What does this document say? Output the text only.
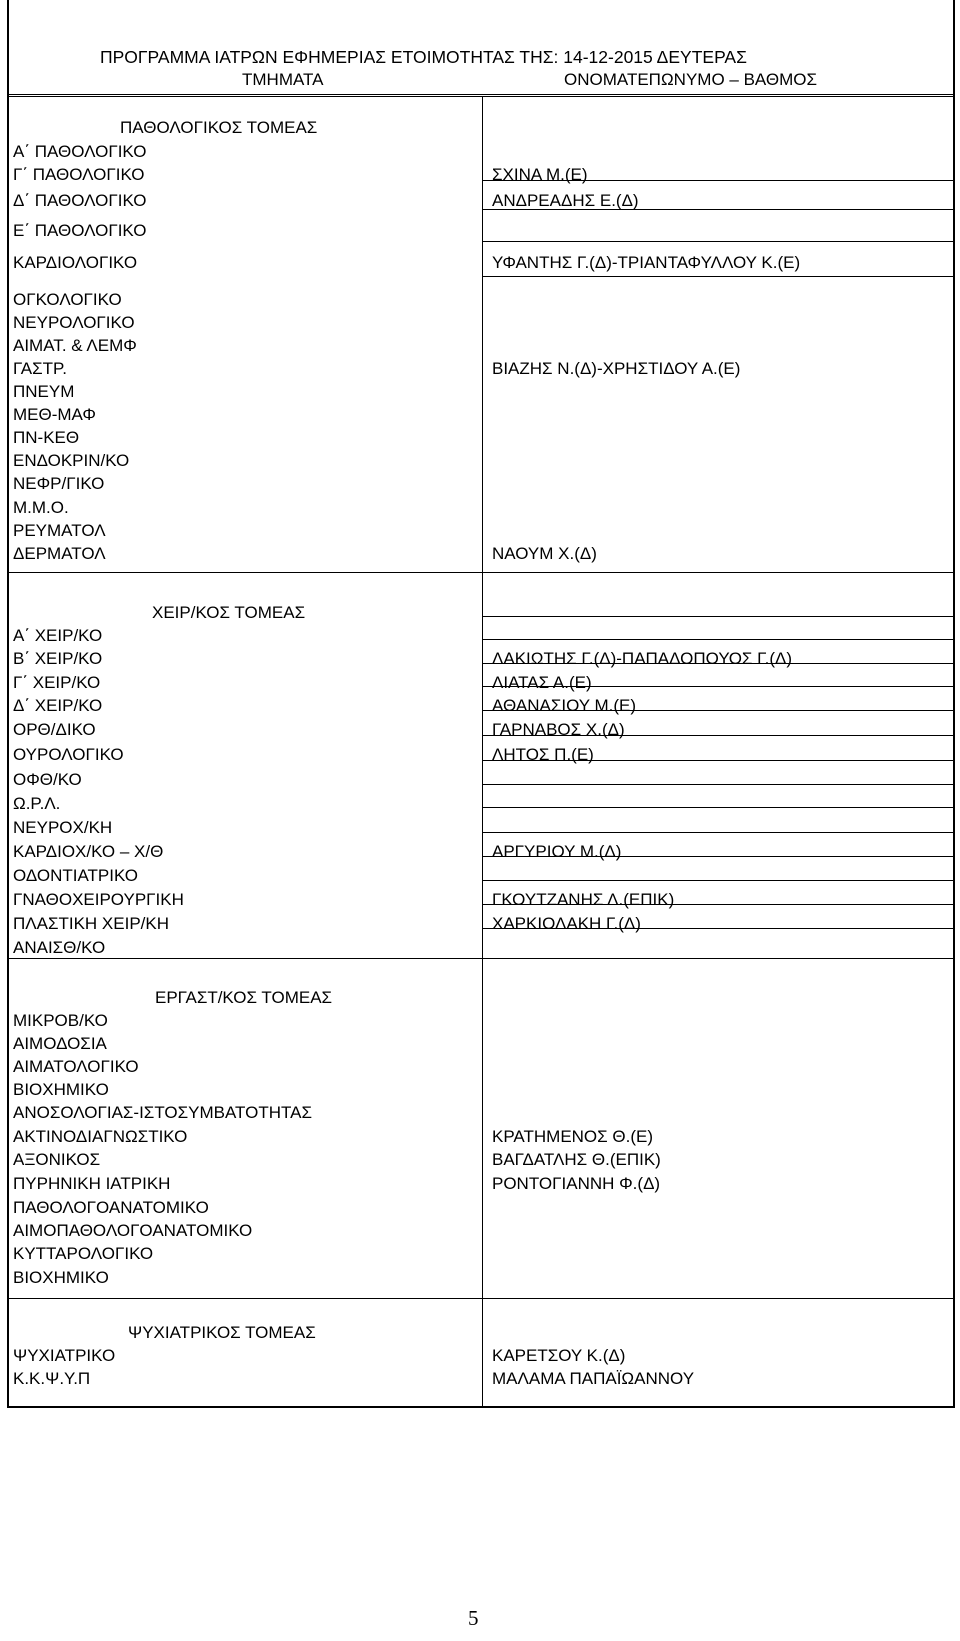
ΠΡΟΓΡΑΜΜΑ ΙΑΤΡΩΝ ΕΦΗΜΕΡΙΑΣ ΕΤΟΙΜΟΤΗΤΑΣ ΤΗΣ: 14-12-2015 ΔΕΥΤΕΡΑΣ
ΤΜΗΜΑΤΑ	ΟΝΟΜΑΤΕΠΩΝΥΜΟ – ΒΑΘΜΟΣ
5
ΠΑΘΟΛΟΓΙΚΟΣ ΤΟΜΕΑΣ
Α΄ ΠΑΘΟΛΟΓΙΚΟ
Γ΄ ΠΑΘΟΛΟΓΙΚΟ	ΣΧΙΝΑ Μ.(Ε)
Δ΄ ΠΑΘΟΛΟΓΙΚΟ	ΑΝΔΡΕΑΔΗΣ Ε.(Δ)
Ε΄ ΠΑΘΟΛΟΓΙΚΟ
ΚΑΡΔΙΟΛΟΓΙΚΟ	ΥΦΑΝΤΗΣ Γ.(Δ)-ΤΡΙΑΝΤΑΦΥΛΛΟΥ Κ.(Ε)
ΟΓΚΟΛΟΓΙΚΟ
ΝΕΥΡΟΛΟΓΙΚΟ
ΑΙΜΑΤ. & ΛΕΜΦ
ΓΑΣΤΡ.	ΒΙΑΖΗΣ Ν.(Δ)-ΧΡΗΣΤΙΔΟΥ Α.(Ε)
ΠΝΕΥΜ
ΜΕΘ-ΜΑΦ
ΠΝ-ΚΕΘ
ΕΝΔΟΚΡΙΝ/ΚΟ
ΝΕΦΡ/ΓΙΚΟ
Μ.Μ.Ο.
ΡΕΥΜΑΤΟΛ
ΔΕΡΜΑΤΟΛ	ΝΑΟΥΜ Χ.(Δ)
ΧΕΙΡ/ΚΟΣ ΤΟΜΕΑΣ
Α΄ ΧΕΙΡ/ΚΟ
Β΄ ΧΕΙΡ/ΚΟ	ΛΑΚΙΩΤΗΣ Γ.(Δ)-ΠΑΠΑΔΟΠΟΥΟΣ Γ.(Δ)
Γ΄ ΧΕΙΡ/ΚΟ	ΛΙΑΤΑΣ Α.(Ε)
Δ΄ ΧΕΙΡ/ΚΟ	ΑΘΑΝΑΣΙΟΥ Μ.(Ε)
ΟΡΘ/ΔΙΚΟ	ΓΑΡΝΑΒΟΣ Χ.(Δ)
ΟΥΡΟΛΟΓΙΚΟ	ΛΗΤΟΣ Π.(Ε)
ΟΦΘ/ΚΟ
Ω.Ρ.Λ.
ΝΕΥΡΟΧ/ΚΗ
ΚΑΡΔΙΟΧ/ΚΟ – Χ/Θ	ΑΡΓΥΡΙΟΥ Μ.(Δ)
ΟΔΟΝΤΙΑΤΡΙΚΟ
ΓΝΑΘΟΧΕΙΡΟΥΡΓΙΚΗ	ΓΚΟΥΤΖΑΝΗΣ Λ.(ΕΠΙΚ)
ΠΛΑΣΤΙΚΗ ΧΕΙΡ/ΚΗ	ΧΑΡΚΙΟΛΑΚΗ Γ.(Δ)
ΑΝΑΙΣΘ/ΚΟ
ΕΡΓΑΣΤ/ΚΟΣ ΤΟΜΕΑΣ
ΜΙΚΡΟΒ/ΚΟ
ΑΙΜΟΔΟΣΙΑ
ΑΙΜΑΤΟΛΟΓΙΚΟ
ΒΙΟΧΗΜΙΚΟ
ΑΝΟΣΟΛΟΓΙΑΣ-ΙΣΤΟΣΥΜΒΑΤΟΤΗΤΑΣ
ΑΚΤΙΝΟΔΙΑΓΝΩΣΤΙΚΟ	ΚΡΑΤΗΜΕΝΟΣ Θ.(Ε)
ΑΞΟΝΙΚΟΣ	ΒΑΓΔΑΤΛΗΣ Θ.(ΕΠΙΚ)
ΠΥΡΗΝΙΚΗ ΙΑΤΡΙΚΗ	ΡΟΝΤΟΓΙΑΝΝΗ Φ.(Δ)
ΠΑΘΟΛΟΓΟΑΝΑΤΟΜΙΚΟ
ΑΙΜΟΠΑΘΟΛΟΓΟΑΝΑΤΟΜΙΚΟ
ΚΥΤΤΑΡΟΛΟΓΙΚΟ
ΒΙΟΧΗΜΙΚΟ
ΨΥΧΙΑΤΡΙΚΟΣ ΤΟΜΕΑΣ
ΨΥΧΙΑΤΡΙΚΟ	ΚΑΡΕΤΣΟΥ Κ.(Δ)
Κ.Κ.Ψ.Υ.Π	ΜΑΛΑΜΑ ΠΑΠΑΪΩΑΝΝΟΥ
